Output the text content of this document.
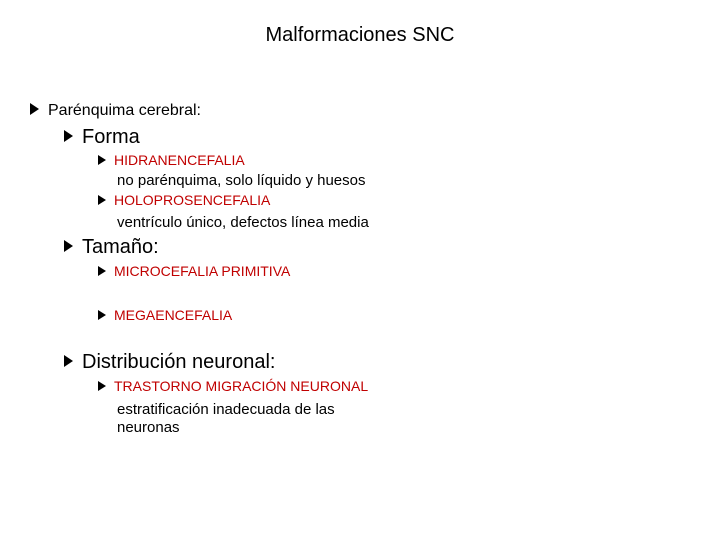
Malformaciones SNC
Parénquima cerebral:
Forma
HIDRANENCEFALIA
no parénquima, solo líquido y huesos
HOLOPROSENCEFALIA
ventrículo único, defectos línea media
Tamaño:
MICROCEFALIA PRIMITIVA
MEGAENCEFALIA
Distribución neuronal:
TRASTORNO MIGRACIÓN NEURONAL
estratificación inadecuada de las
neuronas
